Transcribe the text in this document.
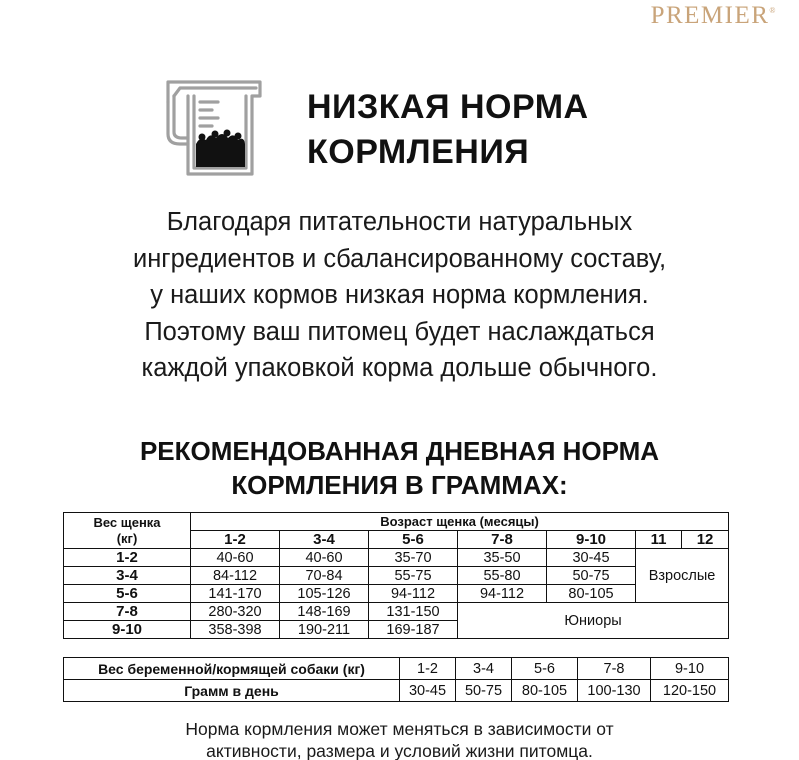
PREMIER®
НИЗКАЯ НОРМА
КОРМЛЕНИЯ
Благодаря питательности натуральных
ингредиентов и сбалансированному составу,
у наших кормов низкая норма кормления.
Поэтому ваш питомец будет наслаждаться
каждой упаковкой корма дольше обычного.
РЕКОМЕНДОВАННАЯ ДНЕВНАЯ НОРМА
КОРМЛЕНИЯ В ГРАММАХ:
Вес щенка
(кг)	Возраст щенка (месяцы)						
	1-2	3-4	5-6	7-8	9-10	11	12
1-2	40-60	40-60	35-70	35-50	30-45	Взрослые	
3-4	84-112	70-84	55-75	55-80	50-75		
5-6	141-170	105-126	94-112	94-112	80-105		
7-8	280-320	148-169	131-150	Юниоры			
9-10	358-398	190-211	169-187				
Вес беременной/кормящей собаки (кг)	1-2	3-4	5-6	7-8	9-10
Грамм в день	30-45	50-75	80-105	100-130	120-150
Норма кормления может меняться в зависимости от
активности, размера и условий жизни питомца.
